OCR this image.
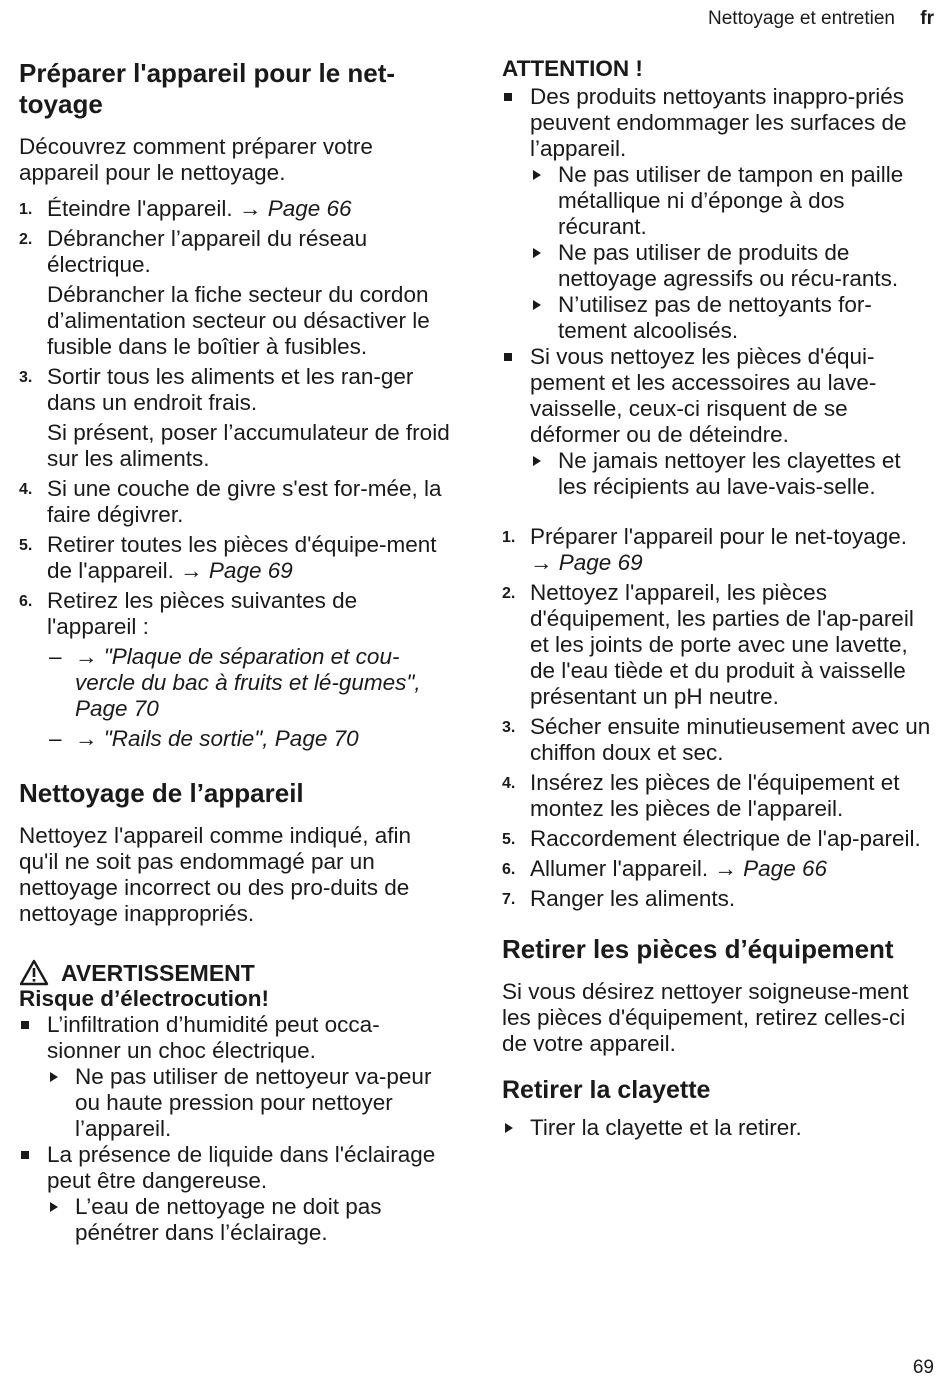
Nettoyage et entretien fr
Préparer l'appareil pour le net-
toyage

Découvrez comment préparer votre appareil pour le nettoyage.

1. Éteindre l'appareil. → Page 66
2. Débrancher l’appareil du réseau électrique.

Débrancher la fiche secteur du cordon d’alimentation secteur ou désactiver le fusible dans le boîtier à fusibles.

3. Sortir tous les aliments et les ran-ger dans un endroit frais.

Si présent, poser l’accumulateur de froid sur les aliments.

4. Si une couche de givre s'est for-mée, la faire dégivrer.
5. Retirer toutes les pièces d'équipe-ment de l'appareil. → Page 69
6. Retirez les pièces suivantes de l'appareil :
– → "Plaque de séparation et cou-vercle du bac à fruits et lé-gumes", Page 70
– → "Rails de sortie", Page 70
Nettoyage de l’appareil

Nettoyez l'appareil comme indiqué, afin qu'il ne soit pas endommagé par un nettoyage incorrect ou des pro-duits de nettoyage inappropriés.

AVERTISSEMENT
Risque d’électrocution!
L’infiltration d’humidité peut occa-sionner un choc électrique.
Ne pas utiliser de nettoyeur va-peur ou haute pression pour nettoyer l’appareil.
La présence de liquide dans l'éclairage peut être dangereuse.
L’eau de nettoyage ne doit pas pénétrer dans l’éclairage.
ATTENTION !
Des produits nettoyants inappro-priés peuvent endommager les surfaces de l’appareil.
Ne pas utiliser de tampon en paille métallique ni d’éponge à dos récurant.
Ne pas utiliser de produits de nettoyage agressifs ou récu-rants.
N’utilisez pas de nettoyants for-tement alcoolisés.
Si vous nettoyez les pièces d'équi-pement et les accessoires au lave-vaisselle, ceux-ci risquent de se déformer ou de déteindre.
Ne jamais nettoyer les clayettes et les récipients au lave-vais-selle.
1. Préparer l'appareil pour le net-toyage. → Page 69
2. Nettoyez l'appareil, les pièces d'équipement, les parties de l'ap-pareil et les joints de porte avec une lavette, de l'eau tiède et du produit à vaisselle présentant un pH neutre.
3. Sécher ensuite minutieusement avec un chiffon doux et sec.
4. Insérez les pièces de l'équipement et montez les pièces de l'appareil.
5. Raccordement électrique de l'ap-pareil.
6. Allumer l'appareil. → Page 66
7. Ranger les aliments.
Retirer les pièces d’équipement

Si vous désirez nettoyer soigneuse-ment les pièces d'équipement, retirez celles-ci de votre appareil.

Retirer la clayette
Tirer la clayette et la retirer.
69
